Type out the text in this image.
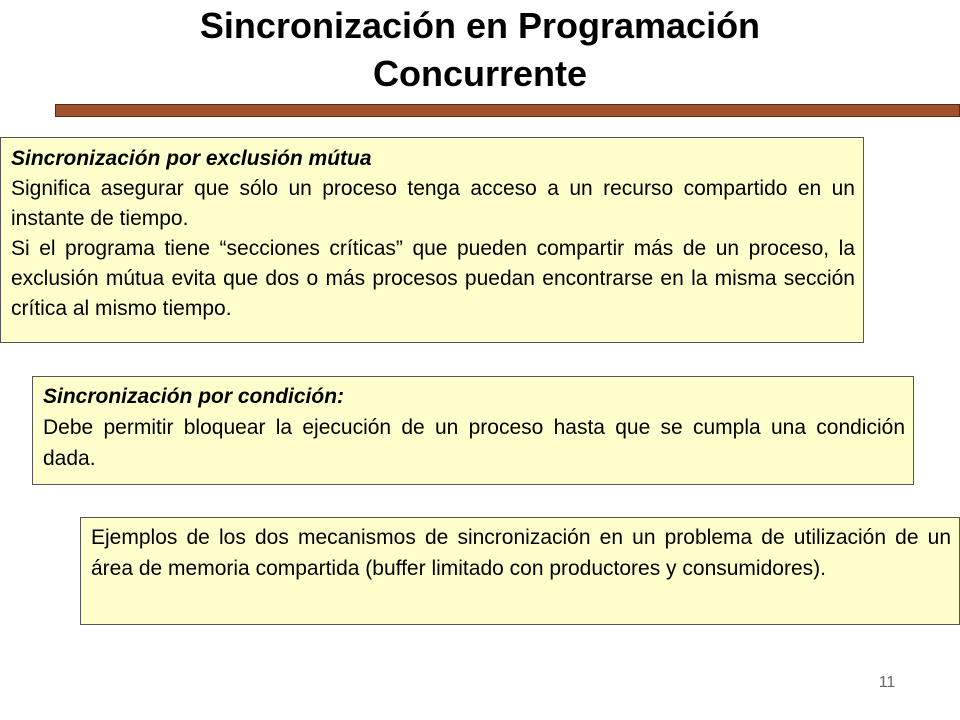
Sincronización en Programación
Concurrente
Sincronización por exclusión mútua

Significa asegurar que sólo un proceso tenga acceso a un recurso compartido en un instante de tiempo.

Si el programa tiene “secciones críticas” que pueden compartir más de un proceso, la exclusión mútua evita que dos o más procesos puedan encontrarse en la misma sección crítica al mismo tiempo.

Sincronización por condición:

Debe permitir bloquear la ejecución de un proceso hasta que se cumpla una condición dada.

Ejemplos de los dos mecanismos de sincronización en un problema de utilización de un área de memoria compartida (buffer limitado con productores y consumidores).

11
